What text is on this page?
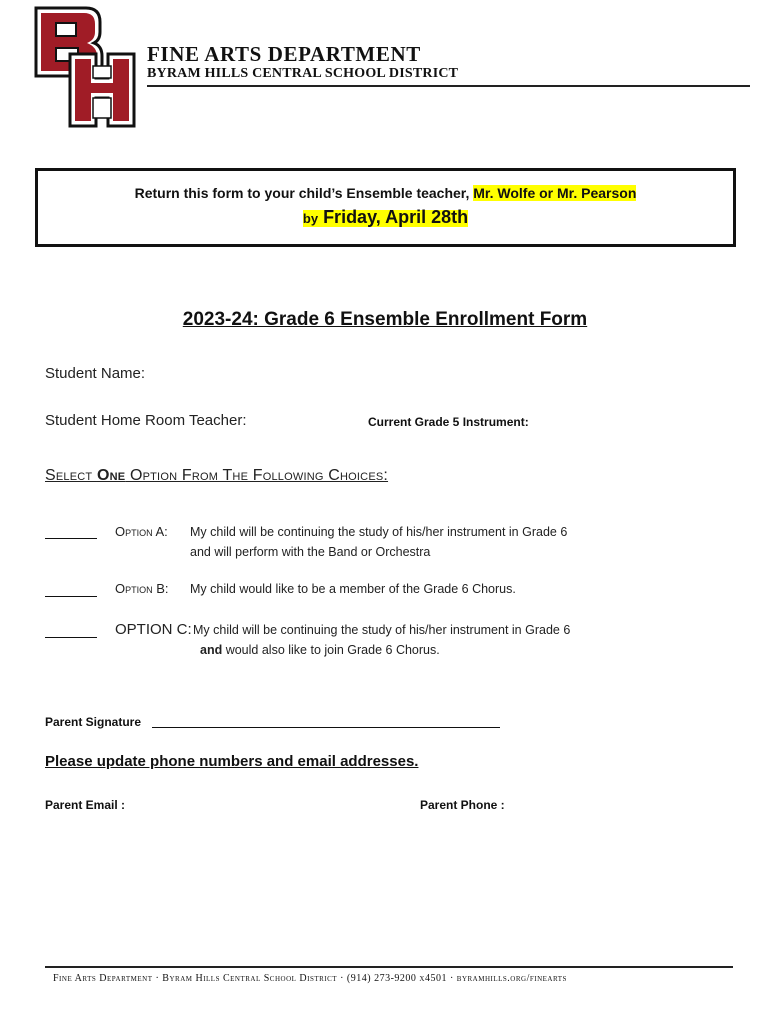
FINE ARTS DEPARTMENT
BYRAM HILLS CENTRAL SCHOOL DISTRICT
Return this form to your child’s Ensemble teacher, Mr. Wolfe or Mr. Pearson
by Friday, April 28th
2023-24: Grade 6 Ensemble Enrollment Form
Student Name:
Student Home Room Teacher:	Current Grade 5 Instrument:
Select One Option From The Following Choices:
Option A: My child will be continuing the study of his/her instrument in Grade 6
and will perform with the Band or Orchestra
Option B: My child would like to be a member of the Grade 6 Chorus.
OPTION C: My child will be continuing the study of his/her instrument in Grade 6
and would also like to join Grade 6 Chorus.
Parent Signature
Please update phone numbers and email addresses.
Parent Email :	Parent Phone :
Fine Arts Department · Byram Hills Central School District · (914) 273-9200 x4501 · byramhills.org/finearts
